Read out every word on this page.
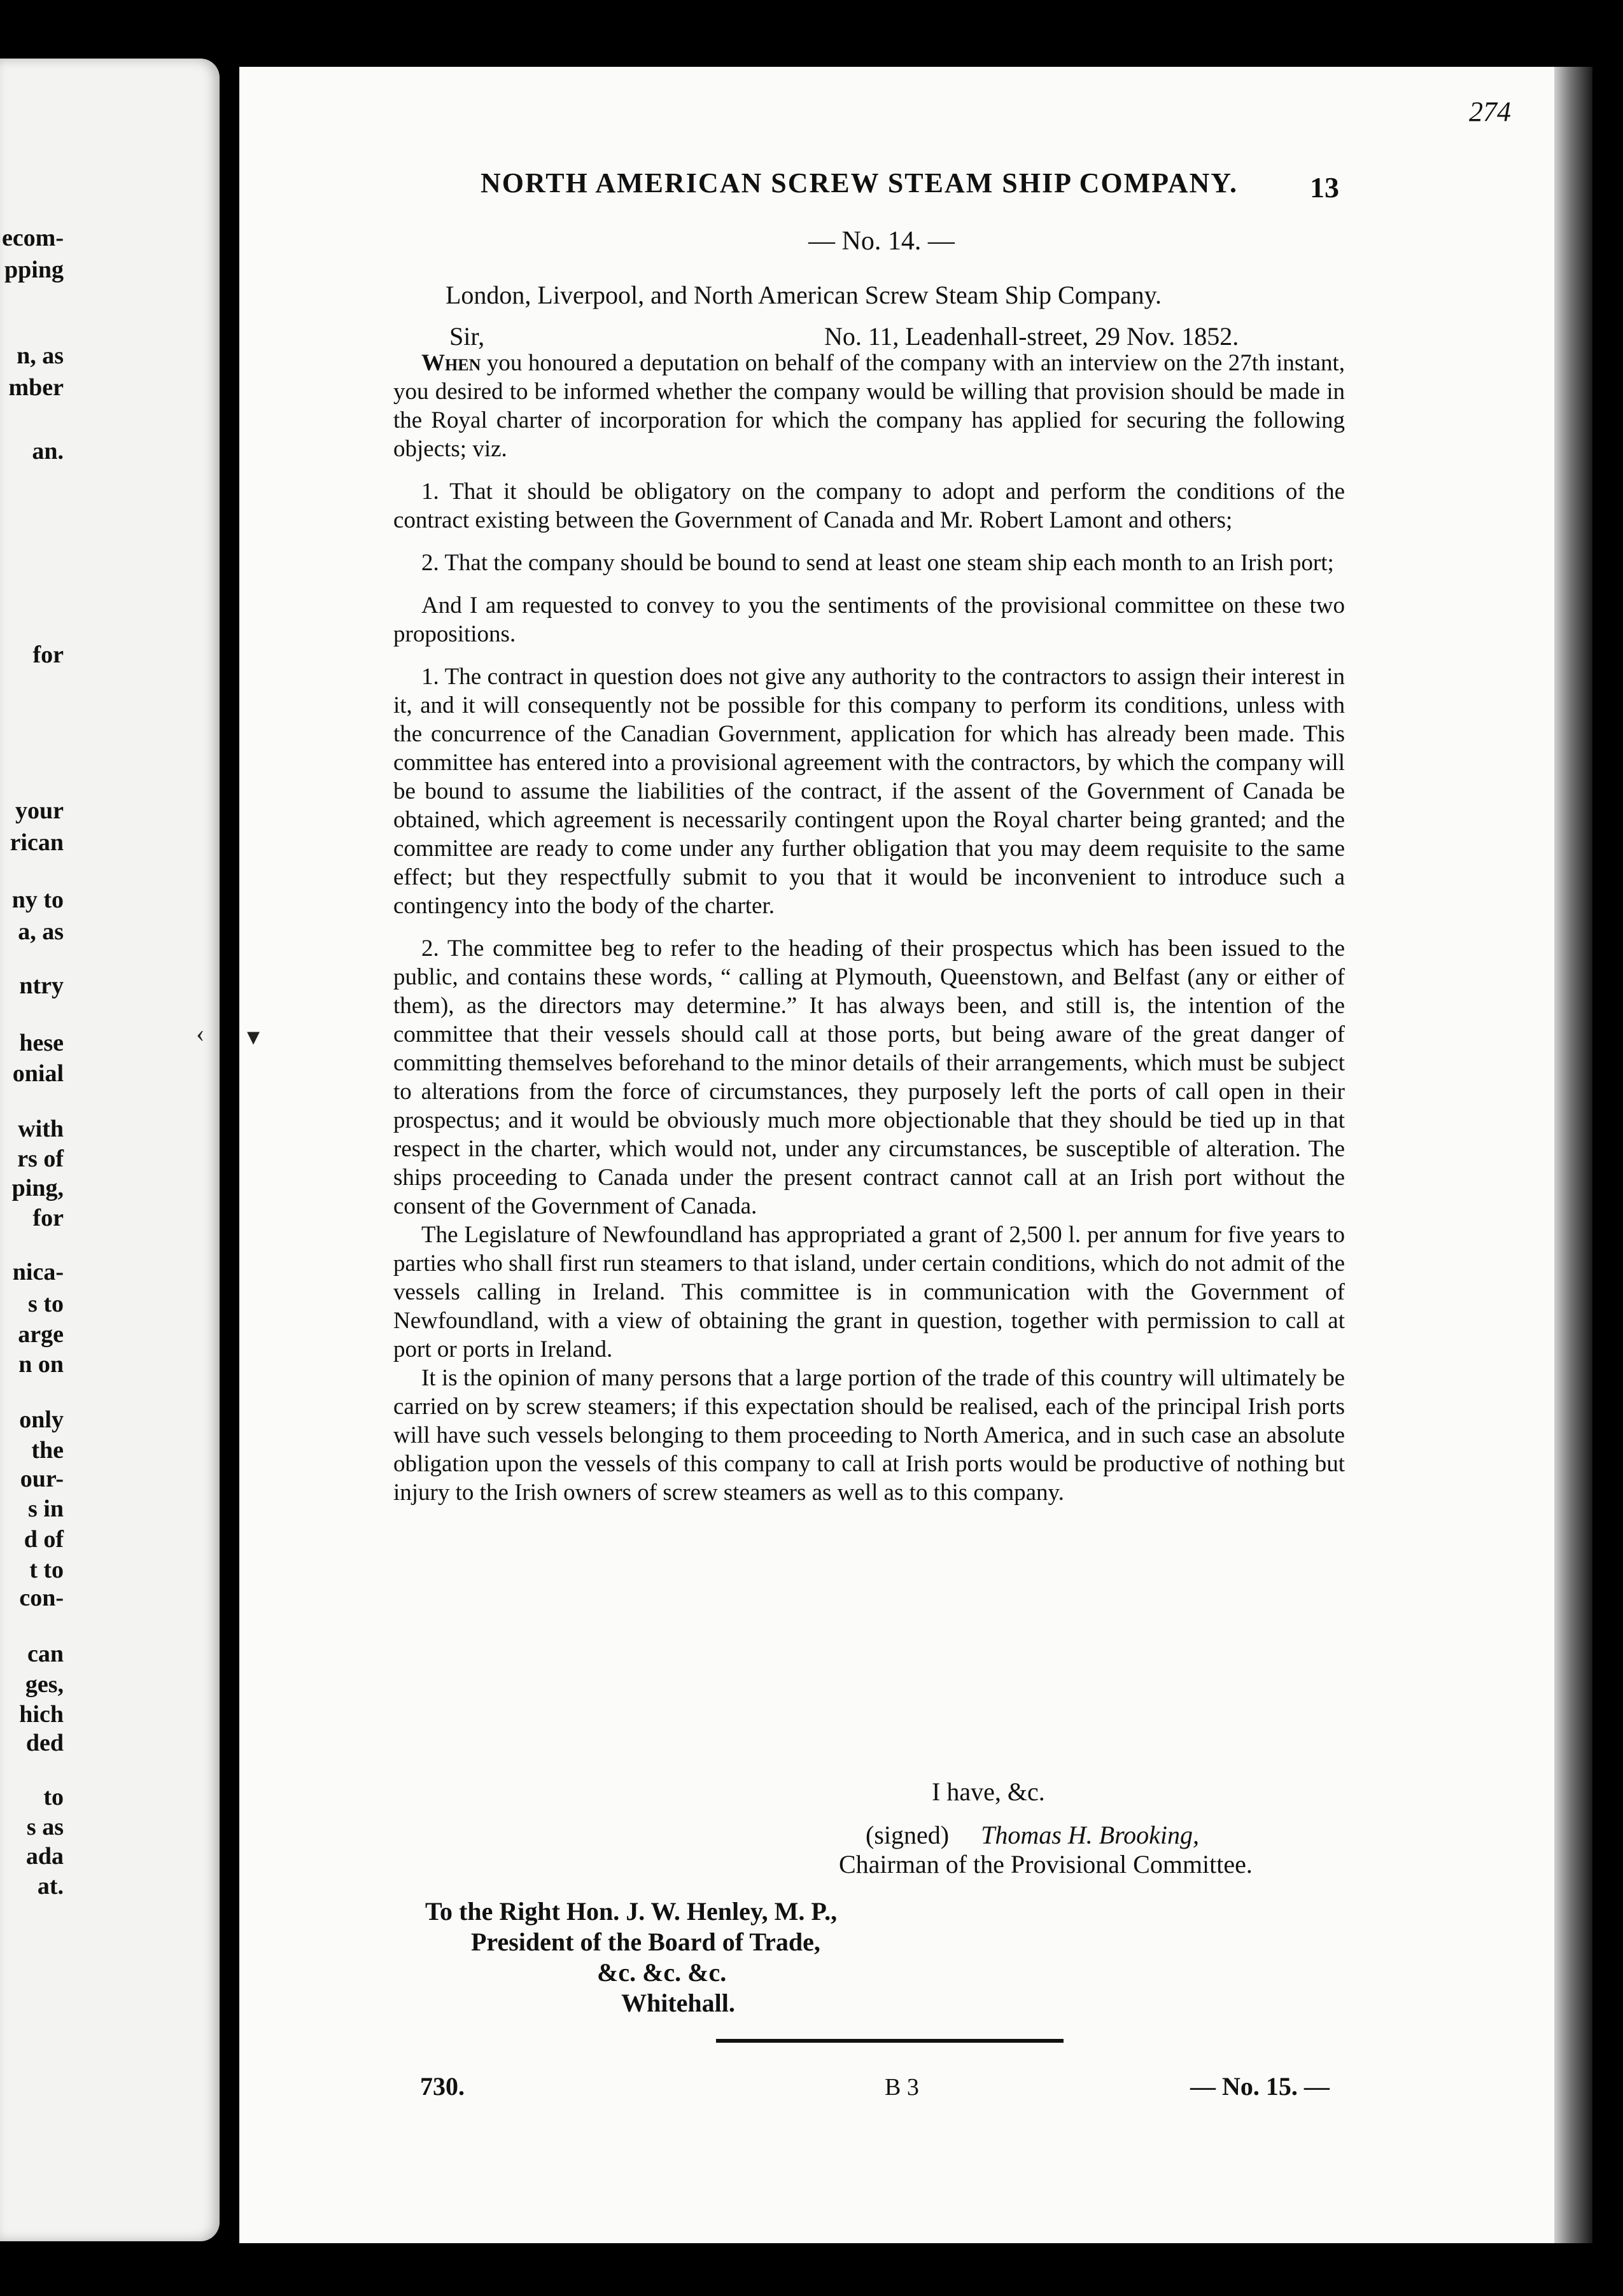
ecom-
pping
n, as
mber
an.
for
your
rican
ny to
a, as
ntry
hese
onial
with
rs of
ping,
for
nica-
s to
arge
n on
only
the
our-
s in
d of
t to
con-
can
ges,
hich
ded
to
s as
ada
at.
‹ ▾
274
NORTH AMERICAN SCREW STEAM SHIP COMPANY.	13
— No. 14. —
London, Liverpool, and North American Screw Steam Ship Company.
Sir,	No. 11, Leadenhall-street, 29 Nov. 1852.

When you honoured a deputation on behalf of the company with an interview on the 27th instant, you desired to be informed whether the company would be willing that provision should be made in the Royal charter of incorporation for which the company has applied for securing the following objects; viz.

1. That it should be obligatory on the company to adopt and perform the conditions of the contract existing between the Government of Canada and Mr. Robert Lamont and others;

2. That the company should be bound to send at least one steam ship each month to an Irish port;

And I am requested to convey to you the sentiments of the provisional committee on these two propositions.

1. The contract in question does not give any authority to the contractors to assign their interest in it, and it will consequently not be possible for this company to perform its conditions, unless with the concurrence of the Canadian Government, application for which has already been made. This committee has entered into a provisional agreement with the contractors, by which the company will be bound to assume the liabilities of the contract, if the assent of the Government of Canada be obtained, which agreement is necessarily contingent upon the Royal charter being granted; and the committee are ready to come under any further obligation that you may deem requisite to the same effect; but they respectfully submit to you that it would be inconvenient to introduce such a contingency into the body of the charter.

2. The committee beg to refer to the heading of their prospectus which has been issued to the public, and contains these words, “ calling at Plymouth, Queenstown, and Belfast (any or either of them), as the directors may determine.” It has always been, and still is, the intention of the committee that their vessels should call at those ports, but being aware of the great danger of committing themselves beforehand to the minor details of their arrangements, which must be subject to alterations from the force of circumstances, they purposely left the ports of call open in their prospectus; and it would be obviously much more objectionable that they should be tied up in that respect in the charter, which would not, under any circumstances, be susceptible of alteration. The ships proceeding to Canada under the present contract cannot call at an Irish port without the consent of the Government of Canada.

The Legislature of Newfoundland has appropriated a grant of 2,500 l. per annum for five years to parties who shall first run steamers to that island, under certain conditions, which do not admit of the vessels calling in Ireland. This committee is in communication with the Government of Newfoundland, with a view of obtaining the grant in question, together with permission to call at port or ports in Ireland.

It is the opinion of many persons that a large portion of the trade of this country will ultimately be carried on by screw steamers; if this expectation should be realised, each of the principal Irish ports will have such vessels belonging to them proceeding to North America, and in such case an absolute obligation upon the vessels of this company to call at Irish ports would be productive of nothing but injury to the Irish owners of screw steamers as well as to this company.

I have, &c.
(signed) Thomas H. Brooking,
Chairman of the Provisional Committee.
To the Right Hon. J. W. Henley, M. P.,
President of the Board of Trade,
&c. &c. &c.
Whitehall.
730.	B 3	— No. 15. —
